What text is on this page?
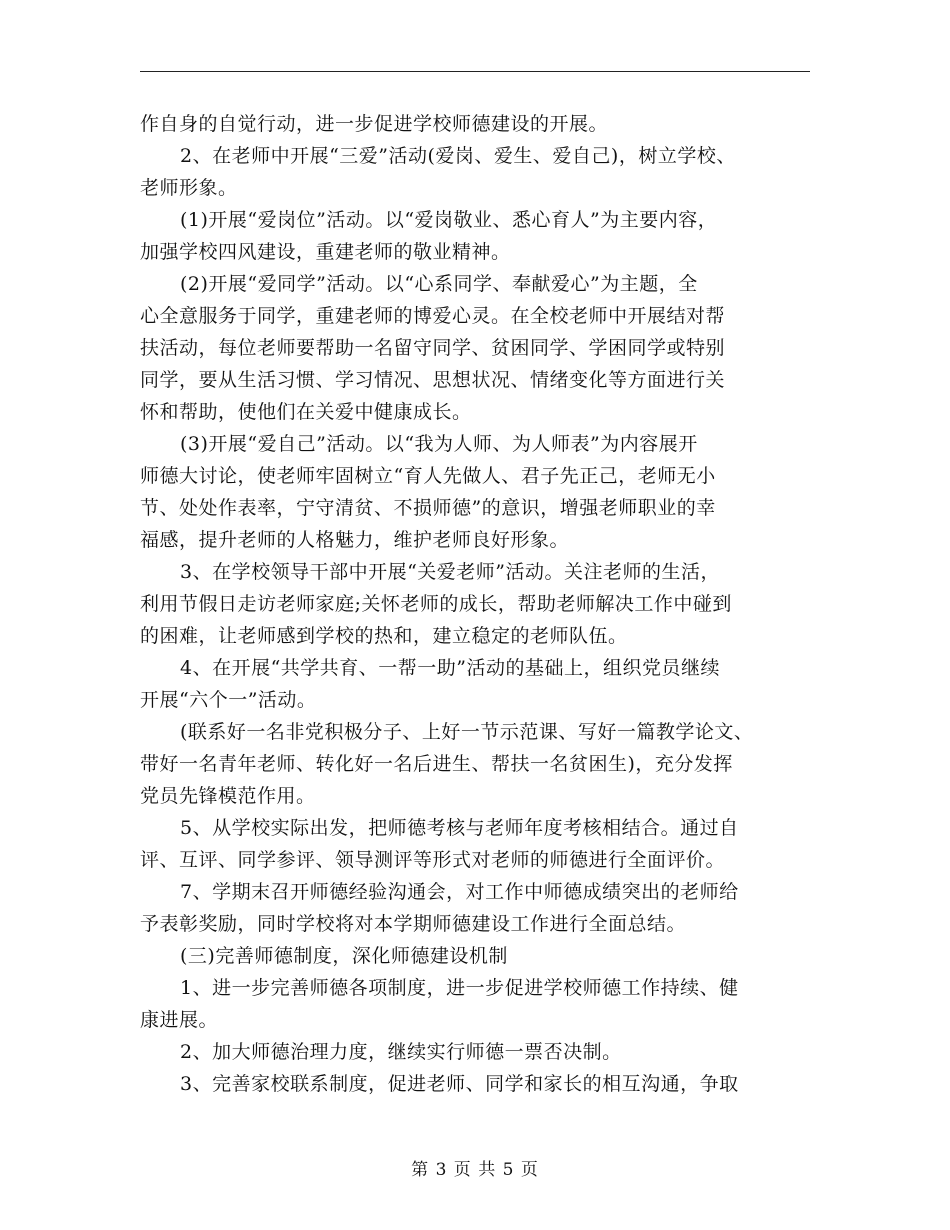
作自身的自觉行动，进一步促进学校师德建设的开展。
2、在老师中开展“三爱”活动(爱岗、爱生、爱自己)，树立学校、
老师形象。
(1)开展“爱岗位”活动。以“爱岗敬业、悉心育人”为主要内容，
加强学校四风建设，重建老师的敬业精神。
(2)开展“爱同学”活动。以“心系同学、奉献爱心”为主题，全
心全意服务于同学，重建老师的博爱心灵。在全校老师中开展结对帮
扶活动，每位老师要帮助一名留守同学、贫困同学、学困同学或特别
同学，要从生活习惯、学习情况、思想状况、情绪变化等方面进行关
怀和帮助，使他们在关爱中健康成长。
(3)开展“爱自己”活动。以“我为人师、为人师表”为内容展开
师德大讨论，使老师牢固树立“育人先做人、君子先正己，老师无小
节、处处作表率，宁守清贫、不损师德”的意识，增强老师职业的幸
福感，提升老师的人格魅力，维护老师良好形象。
3、在学校领导干部中开展“关爱老师”活动。关注老师的生活，
利用节假日走访老师家庭;关怀老师的成长，帮助老师解决工作中碰到
的困难，让老师感到学校的热和，建立稳定的老师队伍。
4、在开展“共学共育、一帮一助”活动的基础上，组织党员继续
开展“六个一”活动。
(联系好一名非党积极分子、上好一节示范课、写好一篇教学论文、
带好一名青年老师、转化好一名后进生、帮扶一名贫困生)，充分发挥
党员先锋模范作用。
5、从学校实际出发，把师德考核与老师年度考核相结合。通过自
评、互评、同学参评、领导测评等形式对老师的师德进行全面评价。
7、学期末召开师德经验沟通会，对工作中师德成绩突出的老师给
予表彰奖励，同时学校将对本学期师德建设工作进行全面总结。
(三)完善师德制度，深化师德建设机制
1、进一步完善师德各项制度，进一步促进学校师德工作持续、健
康进展。
2、加大师德治理力度，继续实行师德一票否决制。
3、完善家校联系制度，促进老师、同学和家长的相互沟通，争取
第 3 页 共 5 页
